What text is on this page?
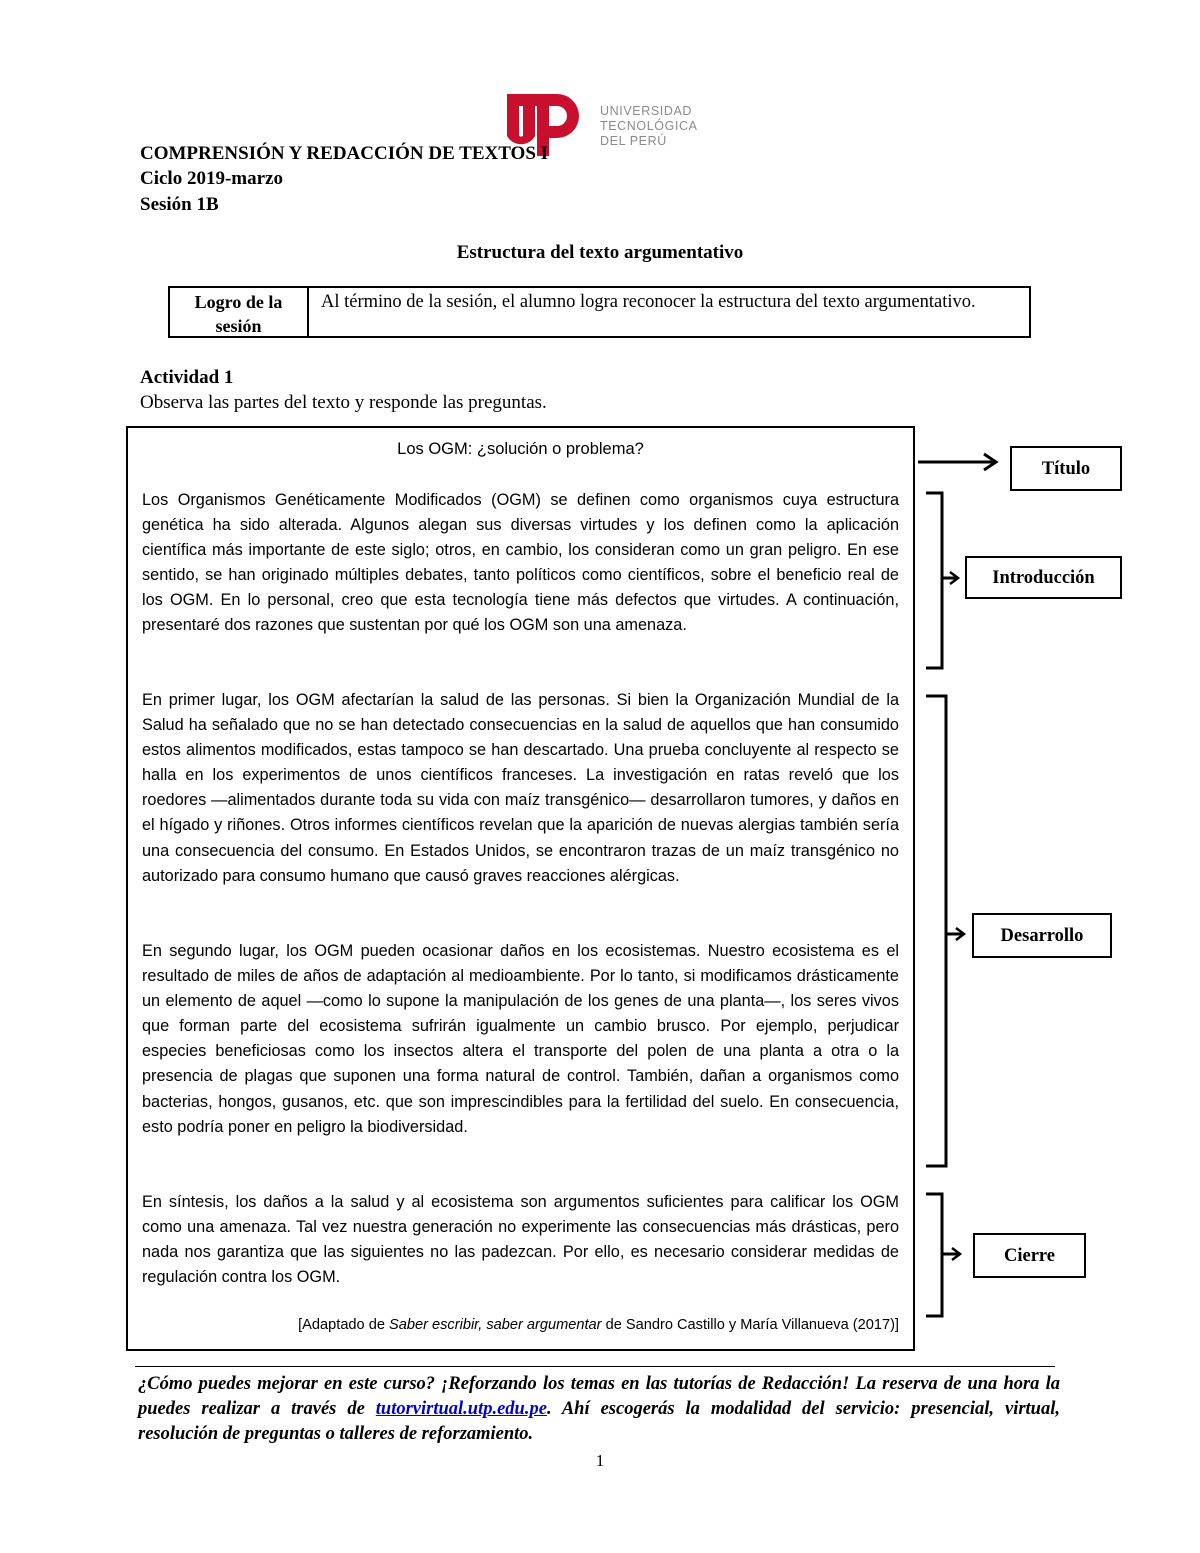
UNIVERSIDAD
TECNOLÓGICA
DEL PERÚ
COMPRENSIÓN Y REDACCIÓN DE TEXTOS I
Ciclo 2019-marzo
Sesión 1B
Estructura del texto argumentativo
Logro de la sesión
Al término de la sesión, el alumno logra reconocer la estructura del texto argumentativo.
Actividad 1
Observa las partes del texto y responde las preguntas.
Los OGM: ¿solución o problema?
Los Organismos Genéticamente Modificados (OGM) se definen como organismos cuya estructura genética ha sido alterada. Algunos alegan sus diversas virtudes y los definen como la aplicación científica más importante de este siglo; otros, en cambio, los consideran como un gran peligro. En ese sentido, se han originado múltiples debates, tanto políticos como científicos, sobre el beneficio real de los OGM. En lo personal, creo que esta tecnología tiene más defectos que virtudes. A continuación, presentaré dos razones que sustentan por qué los OGM son una amenaza.
En primer lugar, los OGM afectarían la salud de las personas. Si bien la Organización Mundial de la Salud ha señalado que no se han detectado consecuencias en la salud de aquellos que han consumido estos alimentos modificados, estas tampoco se han descartado. Una prueba concluyente al respecto se halla en los experimentos de unos científicos franceses. La investigación en ratas reveló que los roedores —alimentados durante toda su vida con maíz transgénico— desarrollaron tumores, y daños en el hígado y riñones. Otros informes científicos revelan que la aparición de nuevas alergias también sería una consecuencia del consumo. En Estados Unidos, se encontraron trazas de un maíz transgénico no autorizado para consumo humano que causó graves reacciones alérgicas.
En segundo lugar, los OGM pueden ocasionar daños en los ecosistemas. Nuestro ecosistema es el resultado de miles de años de adaptación al medioambiente. Por lo tanto, si modificamos drásticamente un elemento de aquel —como lo supone la manipulación de los genes de una planta—, los seres vivos que forman parte del ecosistema sufrirán igualmente un cambio brusco. Por ejemplo, perjudicar especies beneficiosas como los insectos altera el transporte del polen de una planta a otra o la presencia de plagas que suponen una forma natural de control. También, dañan a organismos como bacterias, hongos, gusanos, etc. que son imprescindibles para la fertilidad del suelo. En consecuencia, esto podría poner en peligro la biodiversidad.
En síntesis, los daños a la salud y al ecosistema son argumentos suficientes para calificar los OGM como una amenaza. Tal vez nuestra generación no experimente las consecuencias más drásticas, pero nada nos garantiza que las siguientes no las padezcan. Por ello, es necesario considerar medidas de regulación contra los OGM.
[Adaptado de Saber escribir, saber argumentar de Sandro Castillo y María Villanueva (2017)]
Título
Introducción
Desarrollo
Cierre
¿Cómo puedes mejorar en este curso? ¡Reforzando los temas en las tutorías de Redacción! La reserva de una hora la puedes realizar a través de tutorvirtual.utp.edu.pe. Ahí escogerás la modalidad del servicio: presencial, virtual, resolución de preguntas o talleres de reforzamiento.
1
